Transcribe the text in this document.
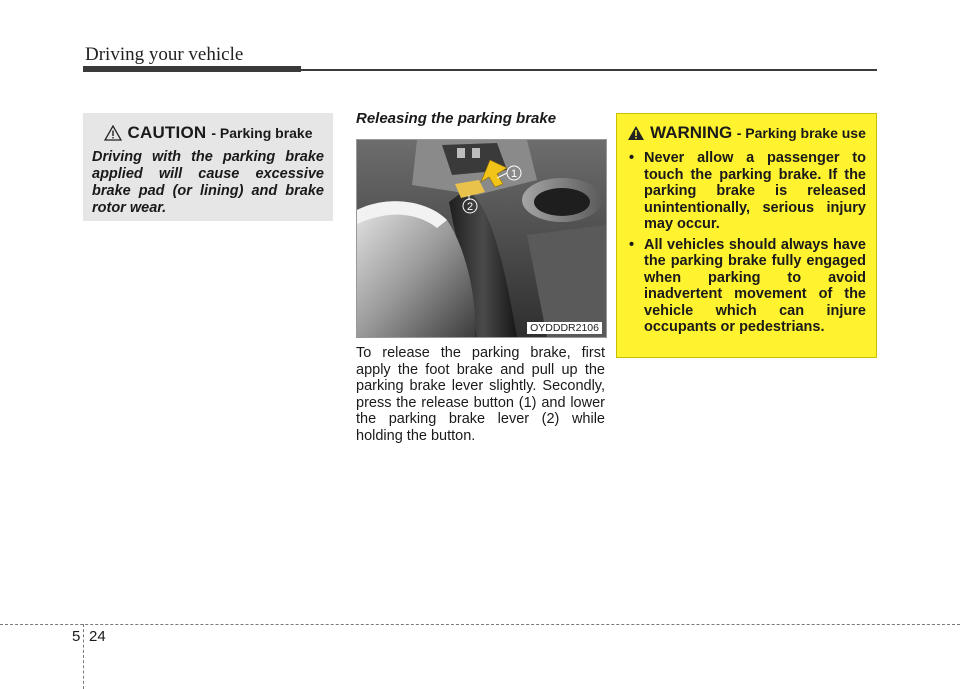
Driving your vehicle
CAUTION - Parking brake
Driving with the parking brake applied will cause excessive brake pad (or lining) and brake rotor wear.
Releasing the parking brake
1
2
OYDDDR2106
To release the parking brake, first apply the foot brake and pull up the parking brake lever slightly. Secondly, press the release button (1) and lower the parking brake lever (2) while holding the button.
WARNING - Parking brake use
• Never allow a passenger to touch the parking brake. If the parking brake is released unintentionally, serious injury may occur.
• All vehicles should always have the parking brake fully engaged when parking to avoid inadvertent movement of the vehicle which can injure occupants or pedestrians.
5 24
